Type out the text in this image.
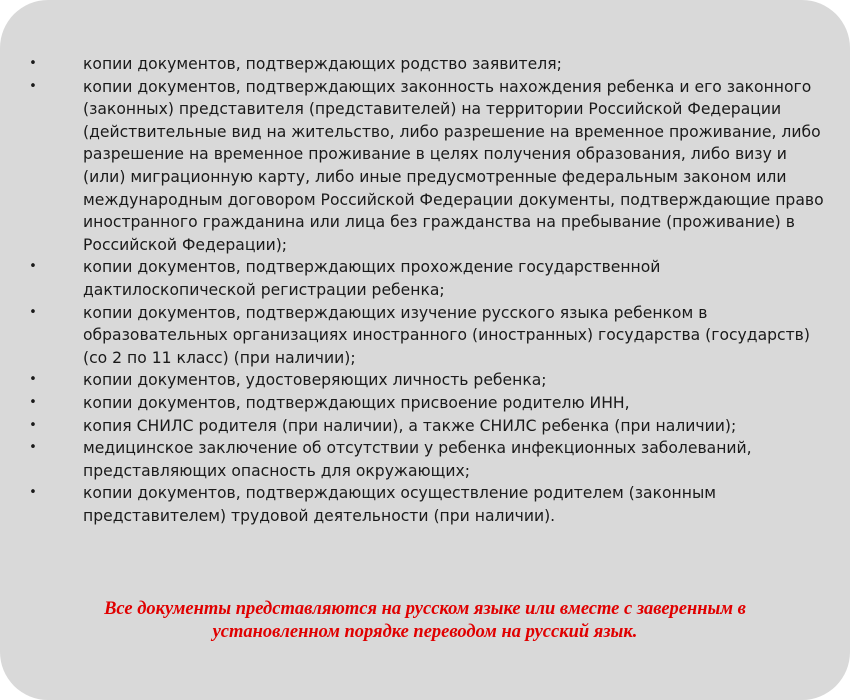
•	копии документов, подтверждающих родство заявителя;
•	копии документов, подтверждающих законность нахождения ребенка и его законного (законных) представителя (представителей) на территории Российской Федерации (действительные вид на жительство, либо разрешение на временное проживание, либо разрешение на временное проживание в целях получения образования, либо визу и (или) миграционную карту, либо иные предусмотренные федеральным законом или международным договором Российской Федерации документы, подтверждающие право иностранного гражданина или лица без гражданства на пребывание (проживание) в Российской Федерации);
•	копии документов, подтверждающих прохождение государственной дактилоскопической регистрации ребенка;
•	копии документов, подтверждающих изучение русского языка ребенком в образовательных организациях иностранного (иностранных) государства (государств) (со 2 по 11 класс) (при наличии);
•	копии документов, удостоверяющих личность ребенка;
•	копии документов, подтверждающих присвоение родителю ИНН,
•	копия СНИЛС родителя (при наличии), а также СНИЛС ребенка (при наличии);
•	медицинское заключение об отсутствии у ребенка инфекционных заболеваний, представляющих опасность для окружающих;
•	копии документов, подтверждающих осуществление родителем (законным представителем) трудовой деятельности (при наличии).
Все документы представляются на русском языке или вместе с заверенным в установленном порядке переводом на русский язык.
